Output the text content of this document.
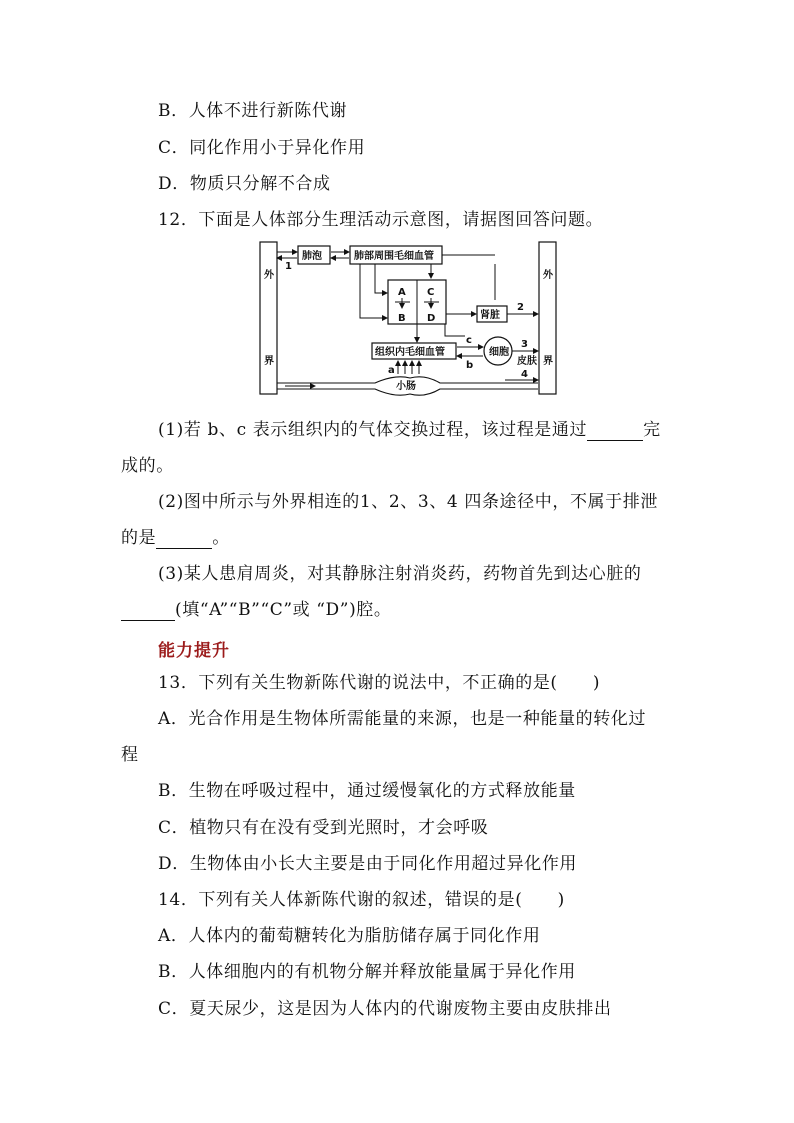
B．人体不进行新陈代谢
C．同化作用小于异化作用
D．物质只分解不合成
12．下面是人体部分生理活动示意图，请据图回答问题。
外
界
外
界
肺泡	肺部周围毛细血管
1
A C
B D	肾脏
2
组织内毛细血管	细胞
c
b
3
皮肤
小肠
4
a
(1)若 b、c 表示组织内的气体交换过程，该过程是通过	完
成的。
(2)图中所示与外界相连的1、2、3、4 四条途径中，不属于排泄
的是	。
(3)某人患肩周炎，对其静脉注射消炎药，药物首先到达心脏的
(填“A”“B”“C”或 “D”)腔。
能力提升
13．下列有关生物新陈代谢的说法中，不正确的是(　　)
A．光合作用是生物体所需能量的来源，也是一种能量的转化过
程
B．生物在呼吸过程中，通过缓慢氧化的方式释放能量
C．植物只有在没有受到光照时，才会呼吸
D．生物体由小长大主要是由于同化作用超过异化作用
14．下列有关人体新陈代谢的叙述，错误的是(　　)
A．人体内的葡萄糖转化为脂肪储存属于同化作用
B．人体细胞内的有机物分解并释放能量属于异化作用
C．夏天尿少，这是因为人体内的代谢废物主要由皮肤排出
